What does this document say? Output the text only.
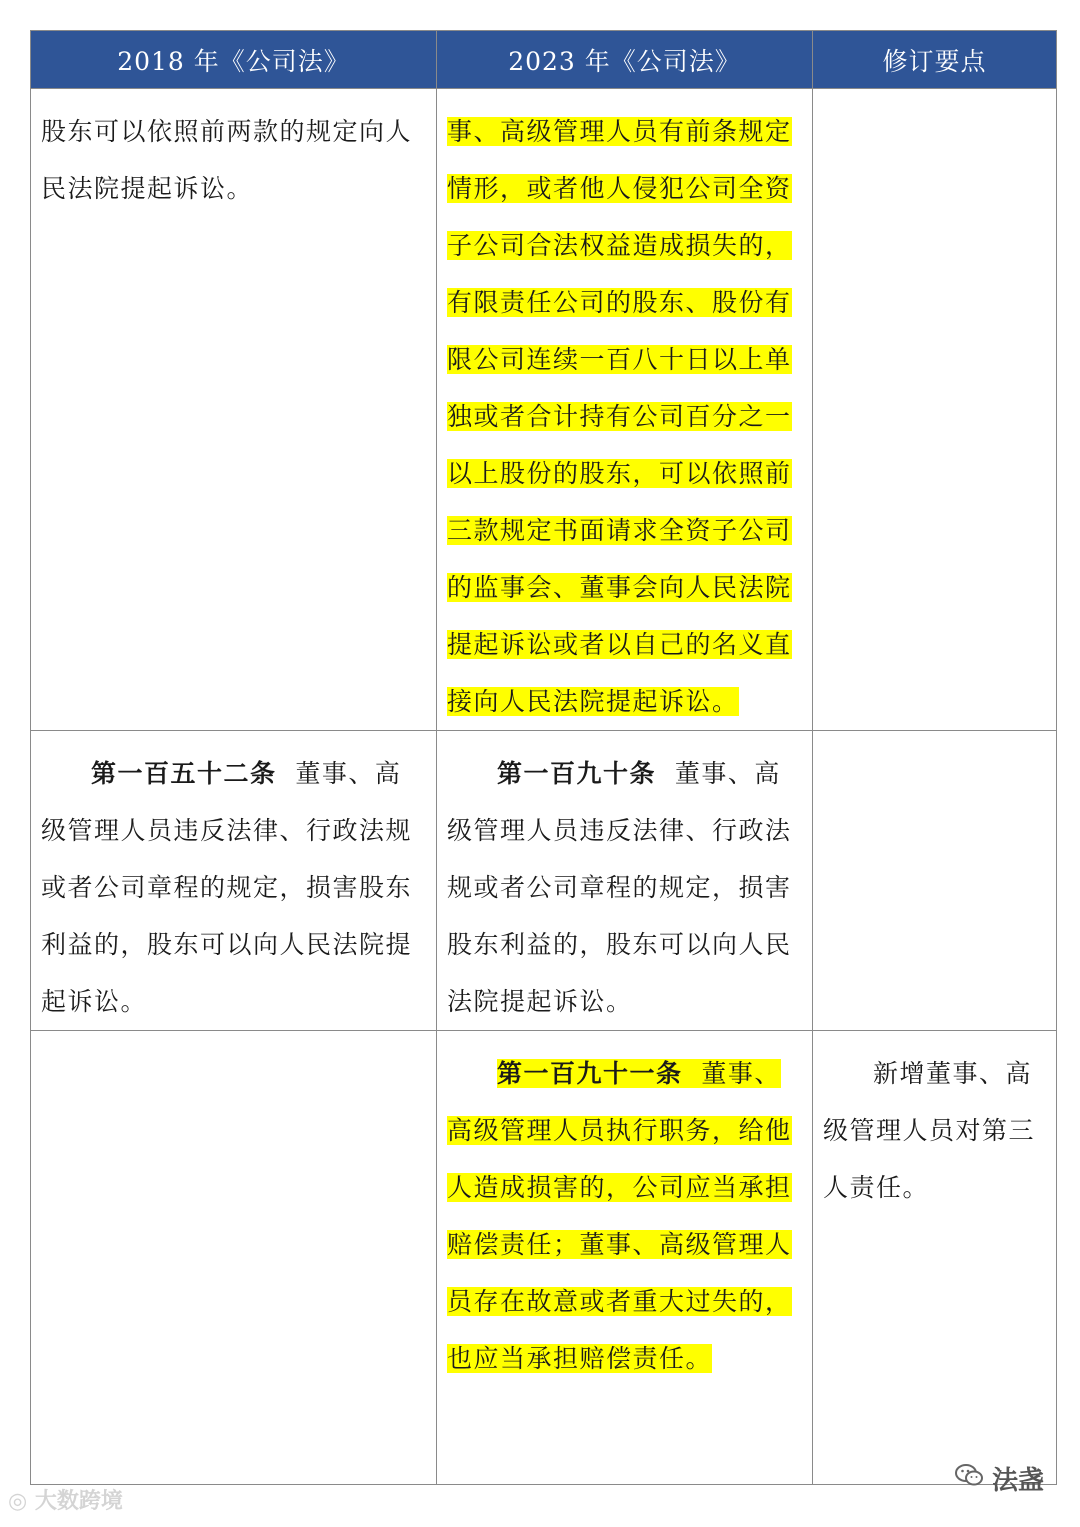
2018 年《公司法》	2023 年《公司法》	修订要点

股东可以依照前两款的规定向人民法院提起诉讼。	事、高级管理人员有前条规定情形，或者他人侵犯公司全资子公司合法权益造成损失的，有限责任公司的股东、股份有限公司连续一百八十日以上单独或者合计持有公司百分之一以上股份的股东，可以依照前三款规定书面请求全资子公司的监事会、董事会向人民法院提起诉讼或者以自己的名义直接向人民法院提起诉讼。	

第一百五十二条 董事、高级管理人员违反法律、行政法规或者公司章程的规定，损害股东利益的，股东可以向人民法院提起诉讼。	第一百九十条 董事、高级管理人员违反法律、行政法规或者公司章程的规定，损害股东利益的，股东可以向人民法院提起诉讼。	

	第一百九十一条 董事、高级管理人员执行职务，给他人造成损害的，公司应当承担赔偿责任；董事、高级管理人员存在故意或者重大过失的，也应当承担赔偿责任。	新增董事、高级管理人员对第三人责任。
法盏
◎ 大数跨境
